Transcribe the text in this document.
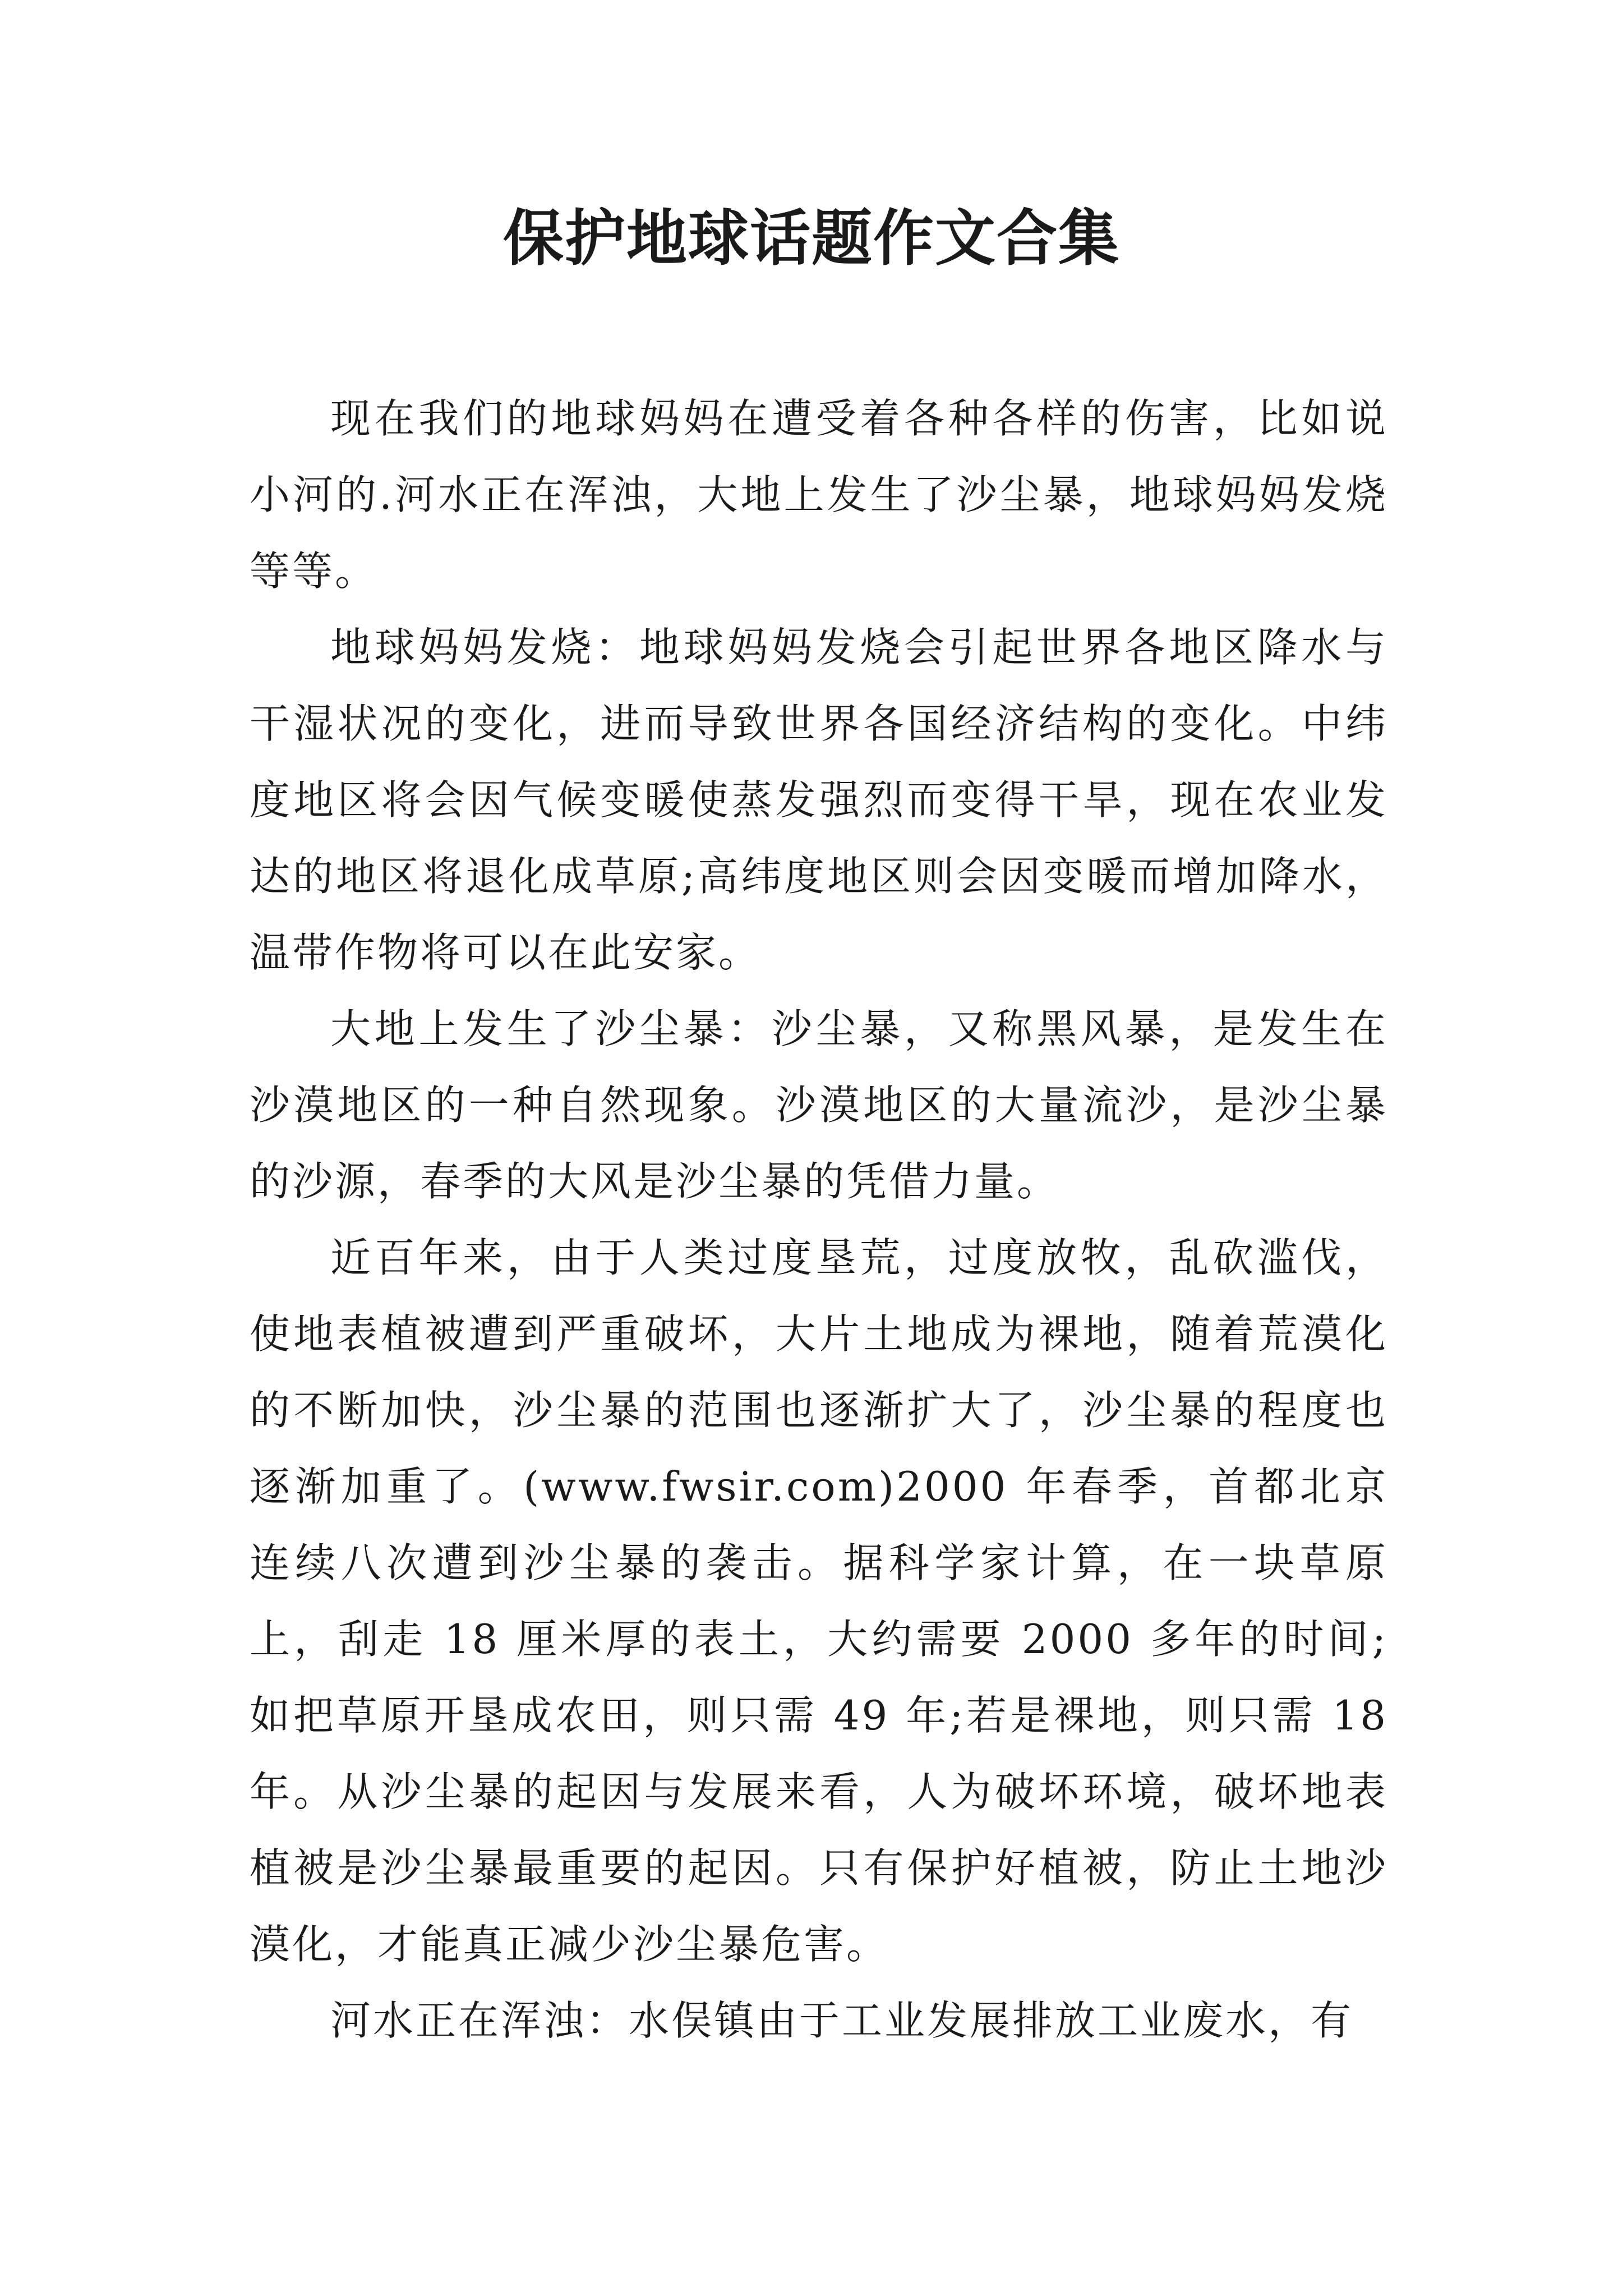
保护地球话题作文合集

现在我们的地球妈妈在遭受着各种各样的伤害，比如说小河的.河水正在浑浊，大地上发生了沙尘暴，地球妈妈发烧等等。

地球妈妈发烧：地球妈妈发烧会引起世界各地区降水与干湿状况的变化，进而导致世界各国经济结构的变化。中纬度地区将会因气候变暖使蒸发强烈而变得干旱，现在农业发达的地区将退化成草原;高纬度地区则会因变暖而增加降水，温带作物将可以在此安家。

大地上发生了沙尘暴：沙尘暴，又称黑风暴，是发生在沙漠地区的一种自然现象。沙漠地区的大量流沙，是沙尘暴的沙源，春季的大风是沙尘暴的凭借力量。

近百年来，由于人类过度垦荒，过度放牧，乱砍滥伐，使地表植被遭到严重破坏，大片土地成为裸地，随着荒漠化的不断加快，沙尘暴的范围也逐渐扩大了，沙尘暴的程度也逐渐加重了。(www.fwsir.com)2000 年春季，首都北京连续八次遭到沙尘暴的袭击。据科学家计算，在一块草原上，刮走 18 厘米厚的表土，大约需要 2000 多年的时间;如把草原开垦成农田，则只需 49 年;若是裸地，则只需 18 年。从沙尘暴的起因与发展来看，人为破坏环境，破坏地表植被是沙尘暴最重要的起因。只有保护好植被，防止土地沙漠化，才能真正减少沙尘暴危害。

河水正在浑浊：水俣镇由于工业发展排放工业废水，有
